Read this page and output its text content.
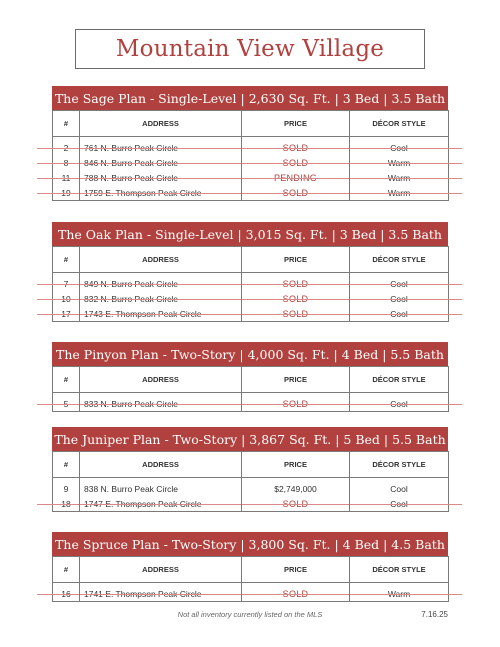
Mountain View Village
The Sage Plan - Single-Level | 2,630 Sq. Ft. | 3 Bed | 3.5 Bath
#	ADDRESS	PRICE	DÉCOR STYLE

2	761 N. Burro Peak Circle	SOLD	Cool
8	846 N. Burro Peak Circle	SOLD	Warm
11	788 N. Burro Peak Circle	PENDING	Warm
19	1759 E. Thompson Peak Circle	SOLD	Warm
The Oak Plan - Single-Level | 3,015 Sq. Ft. | 3 Bed | 3.5 Bath
#	ADDRESS	PRICE	DÉCOR STYLE

7	849 N. Burro Peak Circle	SOLD	Cool
10	832 N. Burro Peak Circle	SOLD	Cool
17	1743 E. Thompson Peak Circle	SOLD	Cool
The Pinyon Plan - Two-Story | 4,000 Sq. Ft. | 4 Bed | 5.5 Bath
#	ADDRESS	PRICE	DÉCOR STYLE

5	833 N. Burro Peak Circle	SOLD	Cool
The Juniper Plan - Two-Story | 3,867 Sq. Ft. | 5 Bed | 5.5 Bath
#	ADDRESS	PRICE	DÉCOR STYLE

9	838 N. Burro Peak Circle	$2,749,000	Cool
18	1747 E. Thompson Peak Circle	SOLD	Cool
The Spruce Plan - Two-Story | 3,800 Sq. Ft. | 4 Bed | 4.5 Bath
#	ADDRESS	PRICE	DÉCOR STYLE

16	1741 E. Thompson Peak Circle	SOLD	Warm
Not all inventory currently listed on the MLS	7.16.25
